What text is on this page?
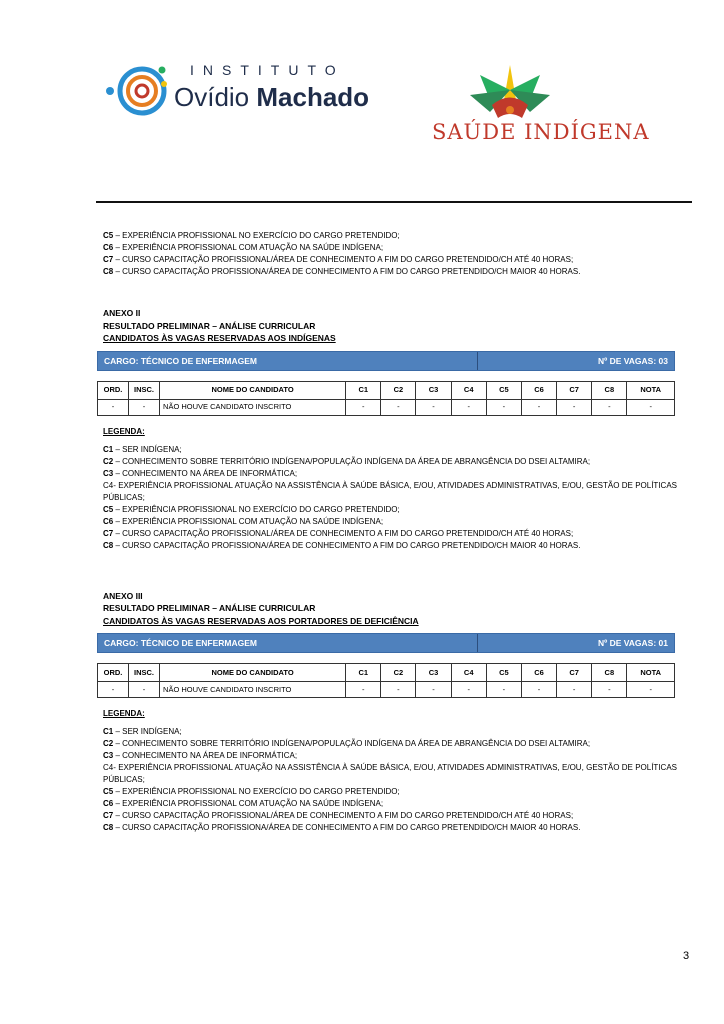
INSTITUTO
Ovídio Machado
SAÚDE INDÍGENA

C5 – EXPERIÊNCIA PROFISSIONAL NO EXERCÍCIO DO CARGO PRETENDIDO;

C6 – EXPERIÊNCIA PROFISSIONAL COM ATUAÇÃO NA SAÚDE INDÍGENA;

C7 – CURSO CAPACITAÇÃO PROFISSIONAL/ÁREA DE CONHECIMENTO A FIM DO CARGO PRETENDIDO/CH ATÉ 40 HORAS;

C8 – CURSO CAPACITAÇÃO PROFISSIONA/ÁREA DE CONHECIMENTO A FIM DO CARGO PRETENDIDO/CH MAIOR 40 HORAS.

ANEXO II
RESULTADO PRELIMINAR – ANÁLISE CURRICULAR
CANDIDATOS ÀS VAGAS RESERVADAS AOS INDÍGENAS
CARGO: TÉCNICO DE ENFERMAGEM	Nº DE VAGAS: 03
ORD.	INSC.	NOME DO CANDIDATO	C1	C2	C3	C4	C5	C6	C7	C8	NOTA
-	-	NÃO HOUVE CANDIDATO INSCRITO	-	-	-	-	-	-	-	-	-
LEGENDA:

C1 – SER INDÍGENA;

C2 – CONHECIMENTO SOBRE TERRITÓRIO INDÍGENA/POPULAÇÃO INDÍGENA DA ÁREA DE ABRANGÊNCIA DO DSEI ALTAMIRA;

C3 – CONHECIMENTO NA ÁREA DE INFORMÁTICA;

C4- EXPERIÊNCIA PROFISSIONAL ATUAÇÃO NA ASSISTÊNCIA À SAÚDE BÁSICA, E/OU, ATIVIDADES ADMINISTRATIVAS, E/OU, GESTÃO DE POLÍTICAS PÚBLICAS;

C5 – EXPERIÊNCIA PROFISSIONAL NO EXERCÍCIO DO CARGO PRETENDIDO;

C6 – EXPERIÊNCIA PROFISSIONAL COM ATUAÇÃO NA SAÚDE INDÍGENA;

C7 – CURSO CAPACITAÇÃO PROFISSIONAL/ÁREA DE CONHECIMENTO A FIM DO CARGO PRETENDIDO/CH ATÉ 40 HORAS;

C8 – CURSO CAPACITAÇÃO PROFISSIONA/ÁREA DE CONHECIMENTO A FIM DO CARGO PRETENDIDO/CH MAIOR 40 HORAS.

ANEXO III
RESULTADO PRELIMINAR – ANÁLISE CURRICULAR
CANDIDATOS ÀS VAGAS RESERVADAS AOS PORTADORES DE DEFICIÊNCIA
CARGO: TÉCNICO DE ENFERMAGEM	Nº DE VAGAS: 01
ORD.	INSC.	NOME DO CANDIDATO	C1	C2	C3	C4	C5	C6	C7	C8	NOTA
-	-	NÃO HOUVE CANDIDATO INSCRITO	-	-	-	-	-	-	-	-	-
LEGENDA:

C1 – SER INDÍGENA;

C2 – CONHECIMENTO SOBRE TERRITÓRIO INDÍGENA/POPULAÇÃO INDÍGENA DA ÁREA DE ABRANGÊNCIA DO DSEI ALTAMIRA;

C3 – CONHECIMENTO NA ÁREA DE INFORMÁTICA;

C4- EXPERIÊNCIA PROFISSIONAL ATUAÇÃO NA ASSISTÊNCIA À SAÚDE BÁSICA, E/OU, ATIVIDADES ADMINISTRATIVAS, E/OU, GESTÃO DE POLÍTICAS PÚBLICAS;

C5 – EXPERIÊNCIA PROFISSIONAL NO EXERCÍCIO DO CARGO PRETENDIDO;

C6 – EXPERIÊNCIA PROFISSIONAL COM ATUAÇÃO NA SAÚDE INDÍGENA;

C7 – CURSO CAPACITAÇÃO PROFISSIONAL/ÁREA DE CONHECIMENTO A FIM DO CARGO PRETENDIDO/CH ATÉ 40 HORAS;

C8 – CURSO CAPACITAÇÃO PROFISSIONA/ÁREA DE CONHECIMENTO A FIM DO CARGO PRETENDIDO/CH MAIOR 40 HORAS.

3
